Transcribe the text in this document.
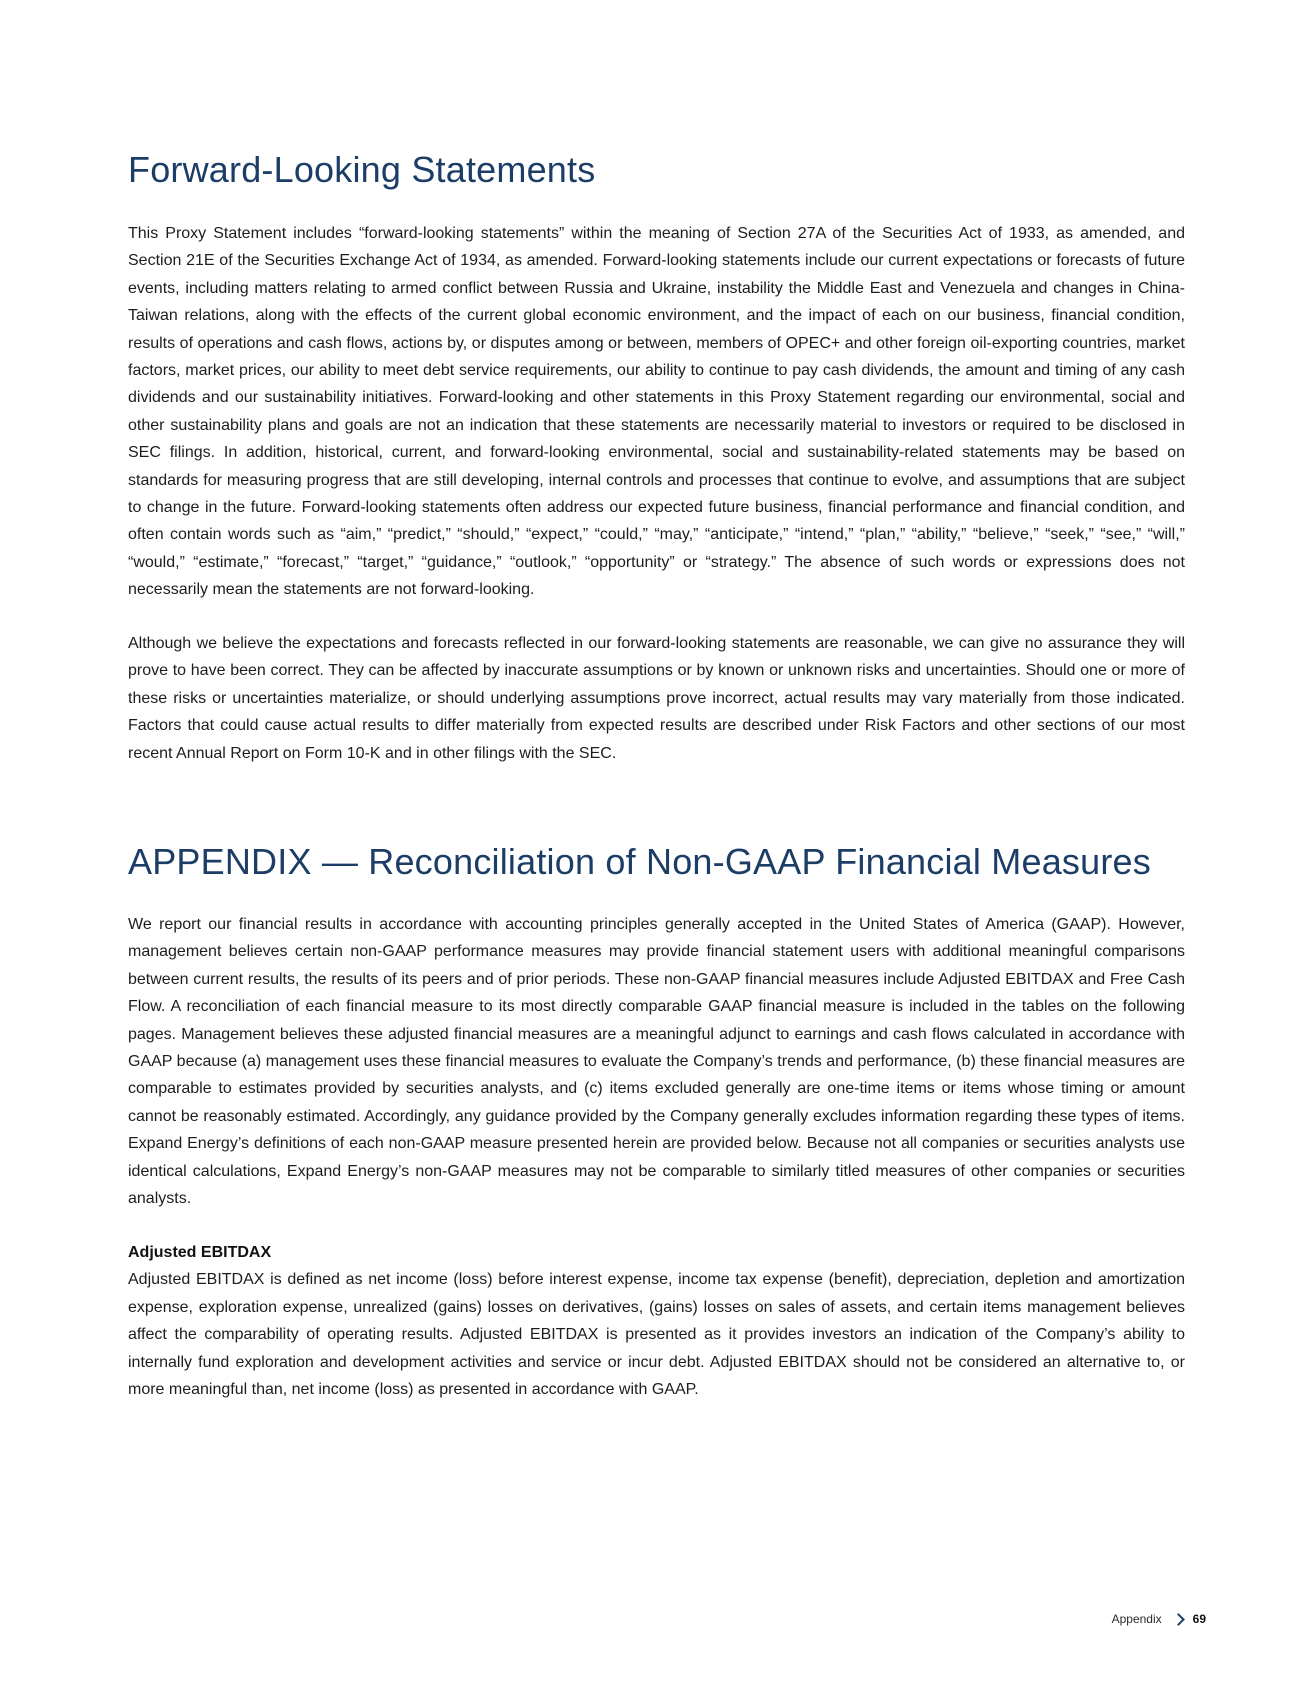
Forward-Looking Statements

This Proxy Statement includes “forward-looking statements” within the meaning of Section 27A of the Securities Act of 1933, as amended, and Section 21E of the Securities Exchange Act of 1934, as amended. Forward-looking statements include our current expectations or forecasts of future events, including matters relating to armed conflict between Russia and Ukraine, instability the Middle East and Venezuela and changes in China-Taiwan relations, along with the effects of the current global economic environment, and the impact of each on our business, financial condition, results of operations and cash flows, actions by, or disputes among or between, members of OPEC+ and other foreign oil-exporting countries, market factors, market prices, our ability to meet debt service requirements, our ability to continue to pay cash dividends, the amount and timing of any cash dividends and our sustainability initiatives. Forward-looking and other statements in this Proxy Statement regarding our environmental, social and other sustainability plans and goals are not an indication that these statements are necessarily material to investors or required to be disclosed in SEC filings. In addition, historical, current, and forward-looking environmental, social and sustainability-related statements may be based on standards for measuring progress that are still developing, internal controls and processes that continue to evolve, and assumptions that are subject to change in the future. Forward-looking statements often address our expected future business, financial performance and financial condition, and often contain words such as “aim,” “predict,” “should,” “expect,” “could,” “may,” “anticipate,” “intend,” “plan,” “ability,” “believe,” “seek,” “see,” “will,” “would,” “estimate,” “forecast,” “target,” “guidance,” “outlook,” “opportunity” or “strategy.” The absence of such words or expressions does not necessarily mean the statements are not forward-looking.

Although we believe the expectations and forecasts reflected in our forward-looking statements are reasonable, we can give no assurance they will prove to have been correct. They can be affected by inaccurate assumptions or by known or unknown risks and uncertainties. Should one or more of these risks or uncertainties materialize, or should underlying assumptions prove incorrect, actual results may vary materially from those indicated. Factors that could cause actual results to differ materially from expected results are described under Risk Factors and other sections of our most recent Annual Report on Form 10-K and in other filings with the SEC.

APPENDIX — Reconciliation of Non-GAAP Financial Measures

We report our financial results in accordance with accounting principles generally accepted in the United States of America (GAAP). However, management believes certain non-GAAP performance measures may provide financial statement users with additional meaningful comparisons between current results, the results of its peers and of prior periods. These non-GAAP financial measures include Adjusted EBITDAX and Free Cash Flow. A reconciliation of each financial measure to its most directly comparable GAAP financial measure is included in the tables on the following pages. Management believes these adjusted financial measures are a meaningful adjunct to earnings and cash flows calculated in accordance with GAAP because (a) management uses these financial measures to evaluate the Company’s trends and performance, (b) these financial measures are comparable to estimates provided by securities analysts, and (c) items excluded generally are one-time items or items whose timing or amount cannot be reasonably estimated. Accordingly, any guidance provided by the Company generally excludes information regarding these types of items. Expand Energy’s definitions of each non-GAAP measure presented herein are provided below. Because not all companies or securities analysts use identical calculations, Expand Energy’s non-GAAP measures may not be comparable to similarly titled measures of other companies or securities analysts.

Adjusted EBITDAX

Adjusted EBITDAX is defined as net income (loss) before interest expense, income tax expense (benefit), depreciation, depletion and amortization expense, exploration expense, unrealized (gains) losses on derivatives, (gains) losses on sales of assets, and certain items management believes affect the comparability of operating results. Adjusted EBITDAX is presented as it provides investors an indication of the Company’s ability to internally fund exploration and development activities and service or incur debt. Adjusted EBITDAX should not be considered an alternative to, or more meaningful than, net income (loss) as presented in accordance with GAAP.

Appendix	69
